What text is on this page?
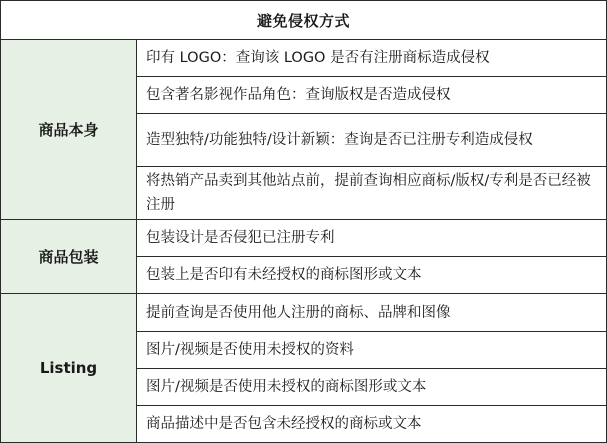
避免侵权方式	
商品本身	印有 LOGO：查询该 LOGO 是否有注册商标造成侵权
	包含著名影视作品角色：查询版权是否造成侵权
	造型独特/功能独特/设计新颖：查询是否已注册专利造成侵权
	将热销产品卖到其他站点前，提前查询相应商标/版权/专利是否已经被注册
商品包装	包装设计是否侵犯已注册专利
	包装上是否印有未经授权的商标图形或文本
Listing	提前查询是否使用他人注册的商标、品牌和图像
	图片/视频是否使用未授权的资料
	图片/视频是否使用未授权的商标图形或文本
	商品描述中是否包含未经授权的商标或文本
